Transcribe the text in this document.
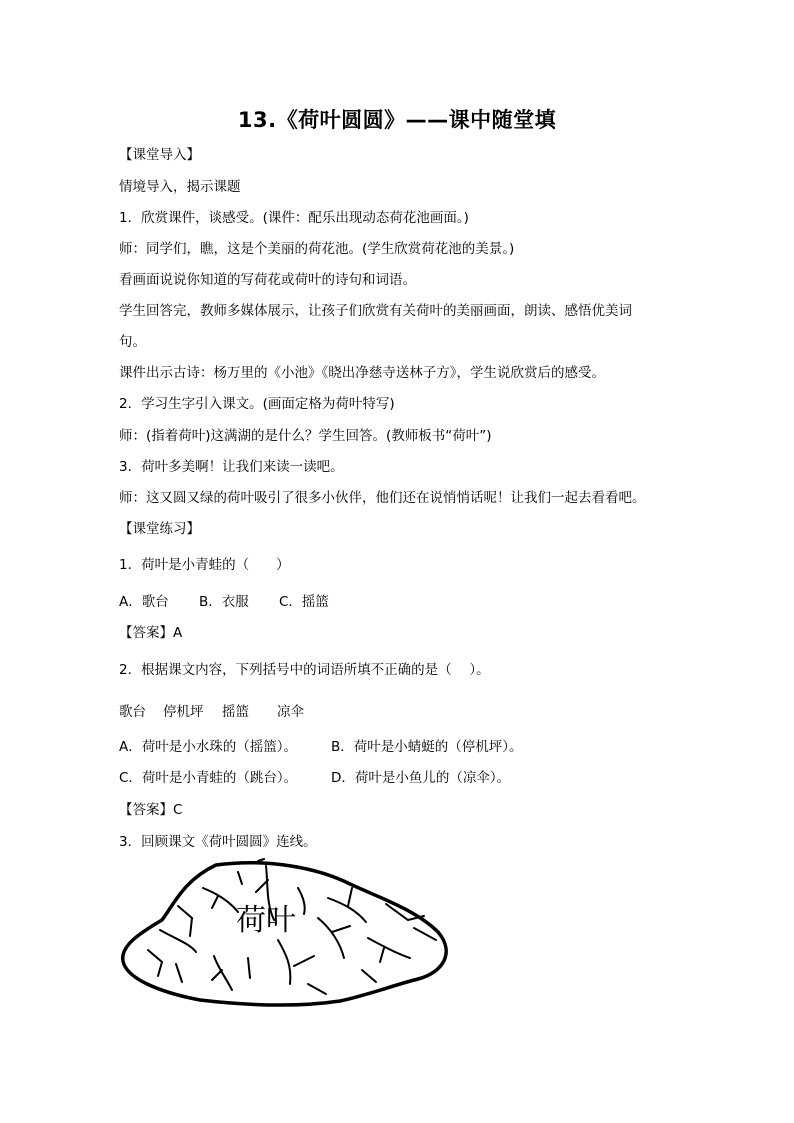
13.《荷叶圆圆》——课中随堂填
【课堂导入】
情境导入，揭示课题
1．欣赏课件，谈感受。(课件：配乐出现动态荷花池画面。)
师：同学们，瞧，这是个美丽的荷花池。(学生欣赏荷花池的美景。)
看画面说说你知道的写荷花或荷叶的诗句和词语。
学生回答完，教师多媒体展示，让孩子们欣赏有关荷叶的美丽画面，朗读、感悟优美词
句。
课件出示古诗：杨万里的《小池》《晓出净慈寺送林子方》，学生说欣赏后的感受。
2．学习生字引入课文。(画面定格为荷叶特写)
师：(指着荷叶)这满湖的是什么？学生回答。(教师板书“荷叶”)
3．荷叶多美啊！让我们来读一读吧。
师：这又圆又绿的荷叶吸引了很多小伙伴，他们还在说悄悄话呢！让我们一起去看看吧。
【课堂练习】
1．荷叶是小青蛙的（　　）
A．歌台 B．衣服 C．摇篮
【答案】A
2．根据课文内容，下列括号中的词语所填不正确的是（　 ）。
歌台 停机坪 摇篮 凉伞
A．荷叶是小水珠的（摇篮）。	B．荷叶是小蜻蜓的（停机坪）。
C．荷叶是小青蛙的（跳台）。	D．荷叶是小鱼儿的（凉伞）。
【答案】C
3．回顾课文《荷叶圆圆》连线。
荷叶
